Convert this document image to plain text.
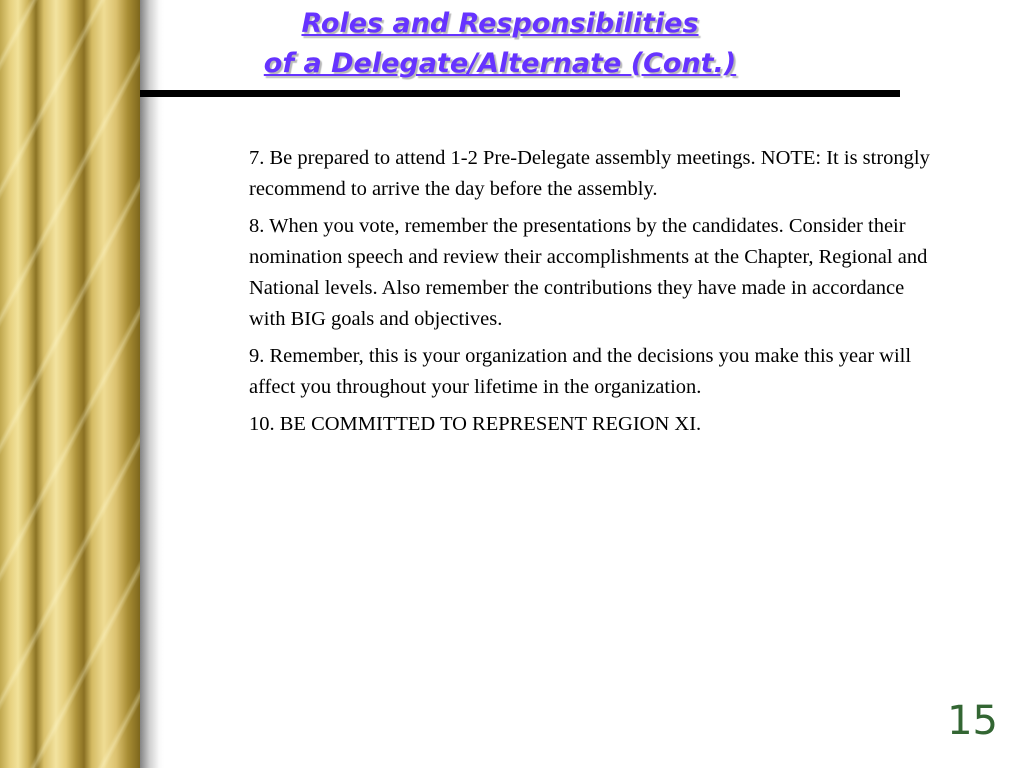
Roles and Responsibilities
of a Delegate/Alternate (Cont.)

7. Be prepared to attend 1-2 Pre-Delegate assembly meetings. NOTE: It is strongly recommend to arrive the day before the assembly.

8. When you vote, remember the presentations by the candidates. Consider their nomination speech and review their accomplishments at the Chapter, Regional and National levels. Also remember the contributions they have made in accordance with BIG goals and objectives.

9. Remember, this is your organization and the decisions you make this year will affect you throughout your lifetime in the organization.

10. BE COMMITTED TO REPRESENT REGION XI.

15
